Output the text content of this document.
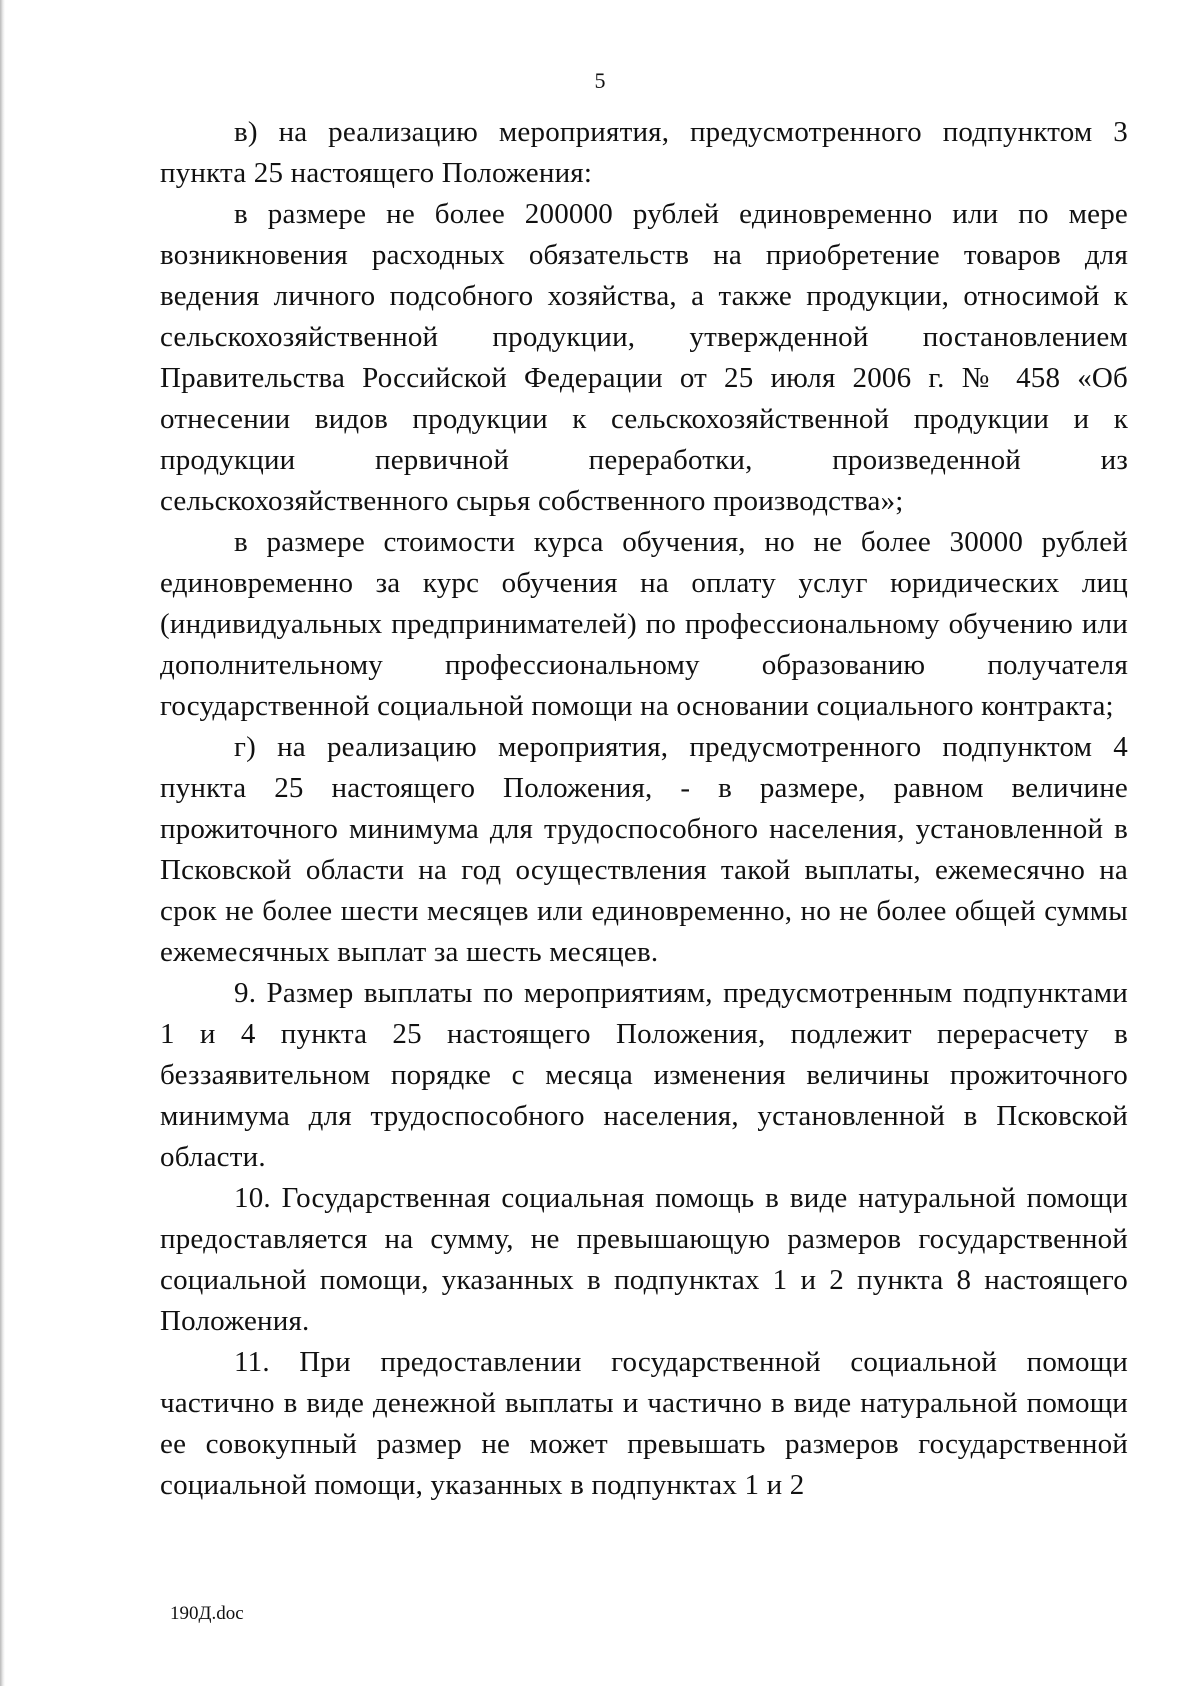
5

в) на реализацию мероприятия, предусмотренного подпунктом 3 пункта 25 настоящего Положения:

в размере не более 200000 рублей единовременно или по мере возникновения расходных обязательств на приобретение товаров для ведения личного подсобного хозяйства, а также продукции, относимой к сельскохозяйственной продукции, утвержденной постановлением Правительства Российской Федерации от 25 июля 2006 г. № 458 «Об отнесении видов продукции к сельскохозяйственной продукции и к продукции первичной переработки, произведенной из сельскохозяйственного сырья собственного производства»;

в размере стоимости курса обучения, но не более 30000 рублей единовременно за курс обучения на оплату услуг юридических лиц (индивидуальных предпринимателей) по профессиональному обучению или дополнительному профессиональному образованию получателя государственной социальной помощи на основании социального контракта;

г) на реализацию мероприятия, предусмотренного подпунктом 4 пункта 25 настоящего Положения, - в размере, равном величине прожиточного минимума для трудоспособного населения, установленной в Псковской области на год осуществления такой выплаты, ежемесячно на срок не более шести месяцев или единовременно, но не более общей суммы ежемесячных выплат за шесть месяцев.

9. Размер выплаты по мероприятиям, предусмотренным подпунктами 1 и 4 пункта 25 настоящего Положения, подлежит перерасчету в беззаявительном порядке с месяца изменения величины прожиточного минимума для трудоспособного населения, установленной в Псковской области.

10. Государственная социальная помощь в виде натуральной помощи предоставляется на сумму, не превышающую размеров государственной социальной помощи, указанных в подпунктах 1 и 2 пункта 8 настоящего Положения.

11. При предоставлении государственной социальной помощи частично в виде денежной выплаты и частично в виде натуральной помощи ее совокупный размер не может превышать размеров государственной социальной помощи, указанных в подпунктах 1 и 2

190Д.doc
